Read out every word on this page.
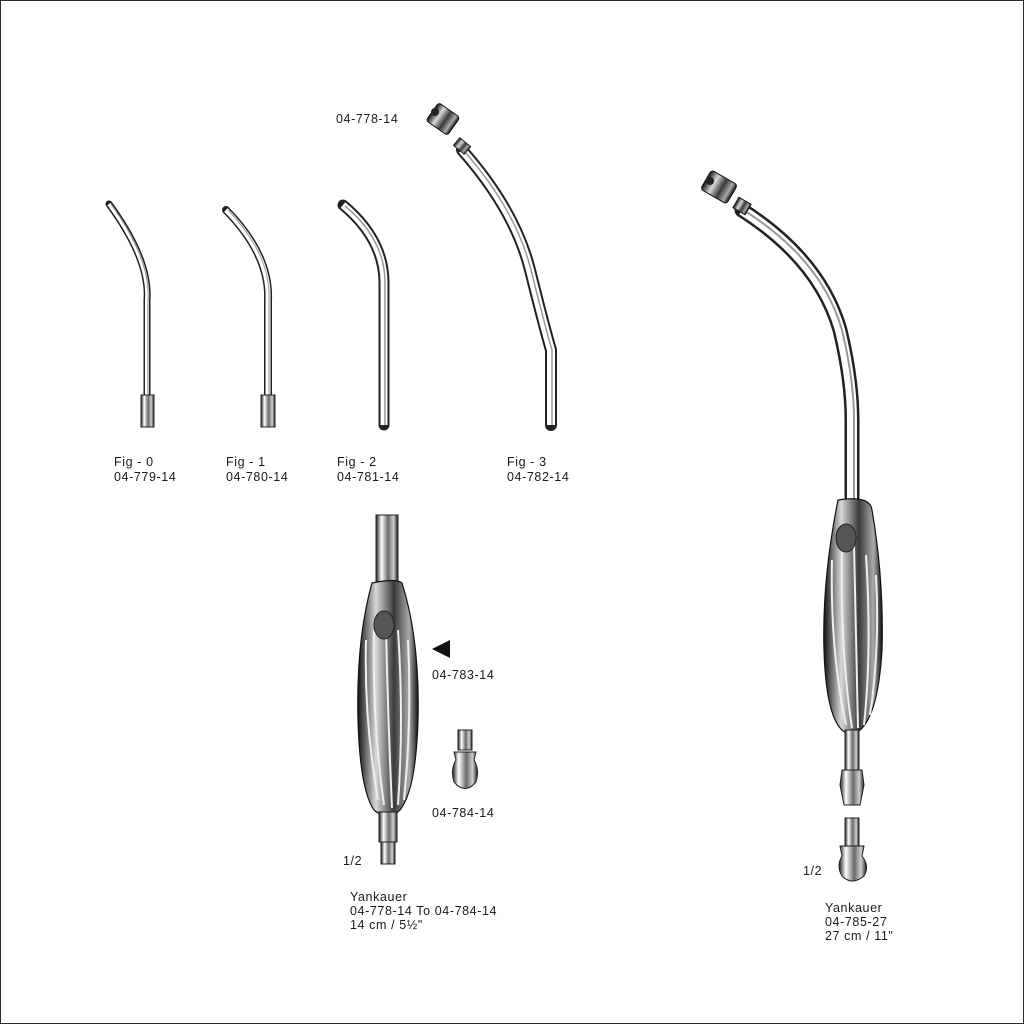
04-778-14
Fig - 0
04-779-14
Fig - 1
04-780-14
Fig - 2
04-781-14
Fig - 3
04-782-14
04-783-14
04-784-14
1/2
Yankauer
04-778-14 To 04-784-14
14 cm / 5½"
1/2
Yankauer
04-785-27
27 cm / 11"
